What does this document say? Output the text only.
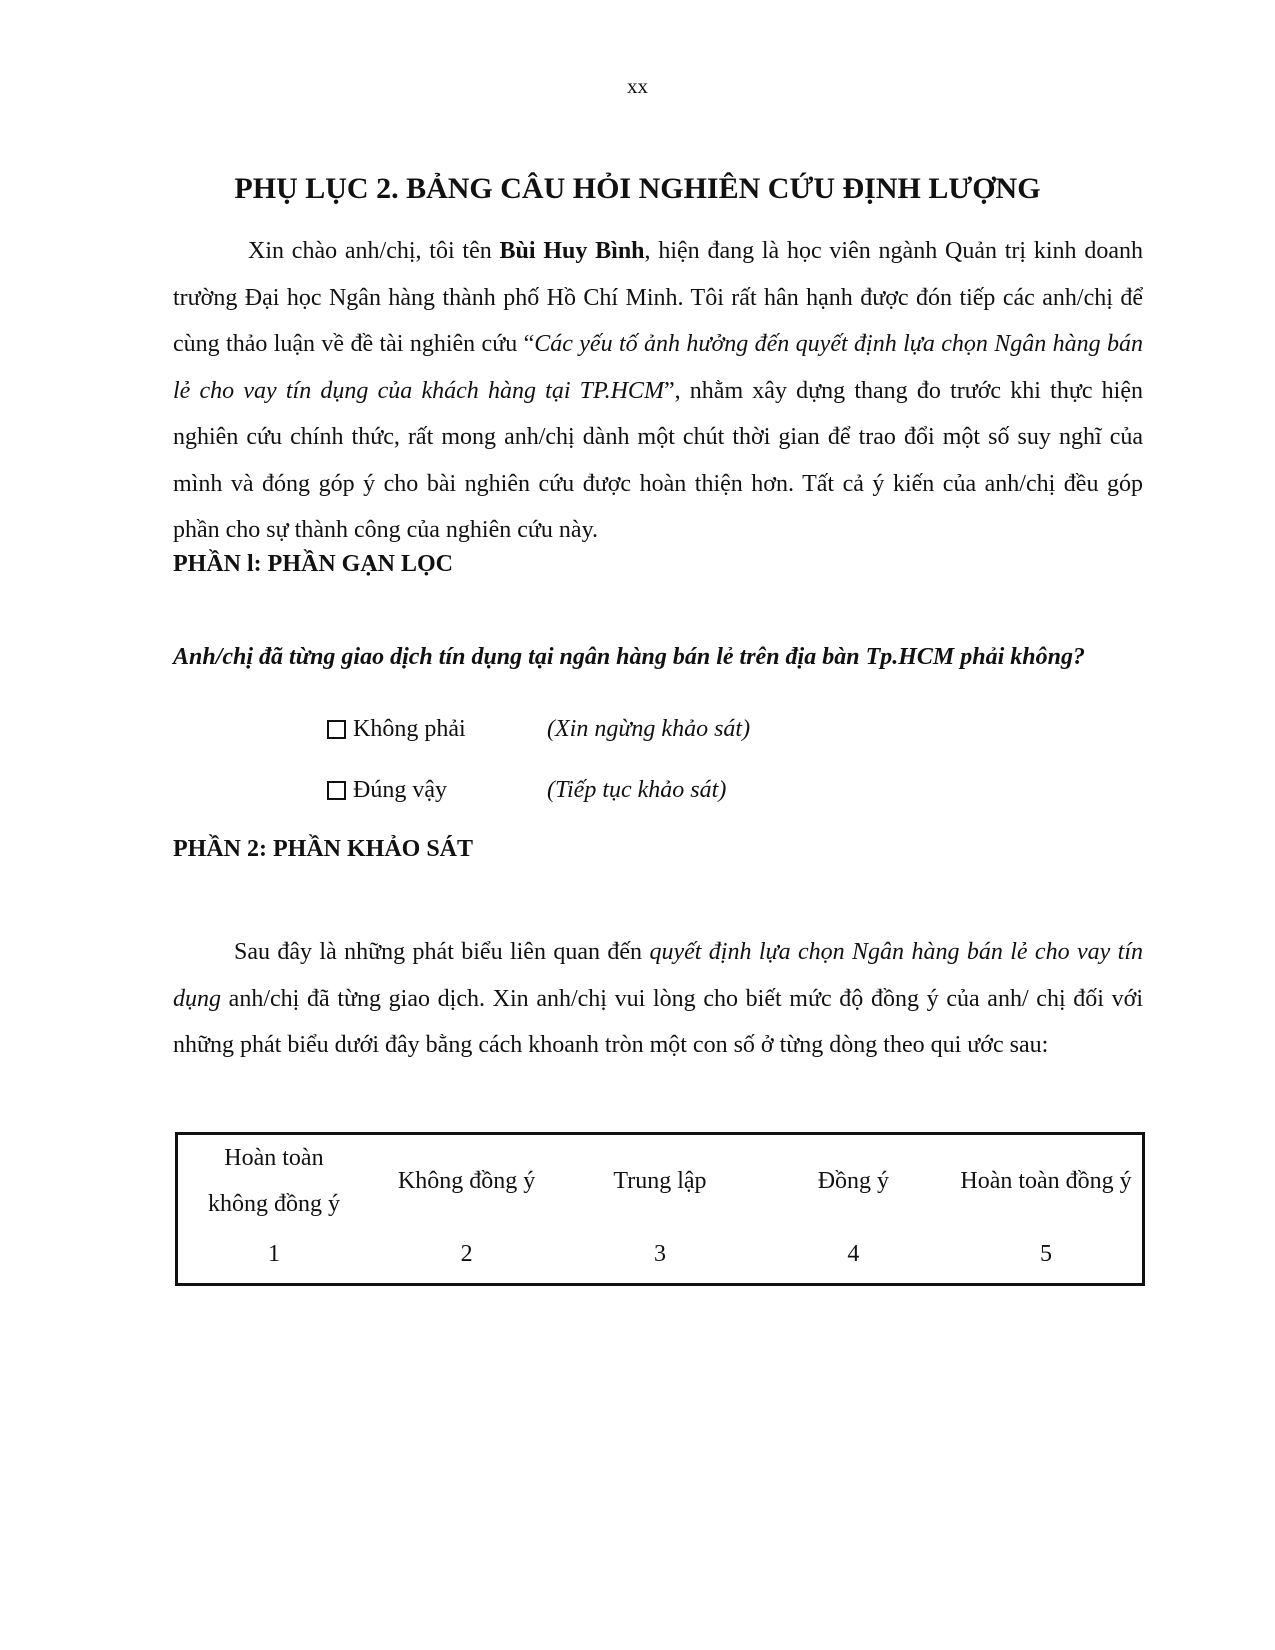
xx
PHỤ LỤC 2. BẢNG CÂU HỎI NGHIÊN CỨU ĐỊNH LƯỢNG

Xin chào anh/chị, tôi tên Bùi Huy Bình, hiện đang là học viên ngành Quản trị kinh doanh trường Đại học Ngân hàng thành phố Hồ Chí Minh. Tôi rất hân hạnh được đón tiếp các anh/chị để cùng thảo luận về đề tài nghiên cứu “Các yếu tố ảnh hưởng đến quyết định lựa chọn Ngân hàng bán lẻ cho vay tín dụng của khách hàng tại TP.HCM”, nhằm xây dựng thang đo trước khi thực hiện nghiên cứu chính thức, rất mong anh/chị dành một chút thời gian để trao đổi một số suy nghĩ của mình và đóng góp ý cho bài nghiên cứu được hoàn thiện hơn. Tất cả ý kiến của anh/chị đều góp phần cho sự thành công của nghiên cứu này.

PHẦN l: PHẦN GẠN LỌC

Anh/chị đã từng giao dịch tín dụng tại ngân hàng bán lẻ trên địa bàn Tp.HCM phải không?

Không phải	(Xin ngừng khảo sát)
Đúng vậy	(Tiếp tục khảo sát)
PHẦN 2: PHẦN KHẢO SÁT

Sau đây là những phát biểu liên quan đến quyết định lựa chọn Ngân hàng bán lẻ cho vay tín dụng anh/chị đã từng giao dịch. Xin anh/chị vui lòng cho biết mức độ đồng ý của anh/ chị đối với những phát biểu dưới đây bằng cách khoanh tròn một con số ở từng dòng theo qui ước sau:

Hoàn toàn không đồng ý	Không đồng ý	Trung lập	Đồng ý	Hoàn toàn đồng ý
1	2	3	4	5
